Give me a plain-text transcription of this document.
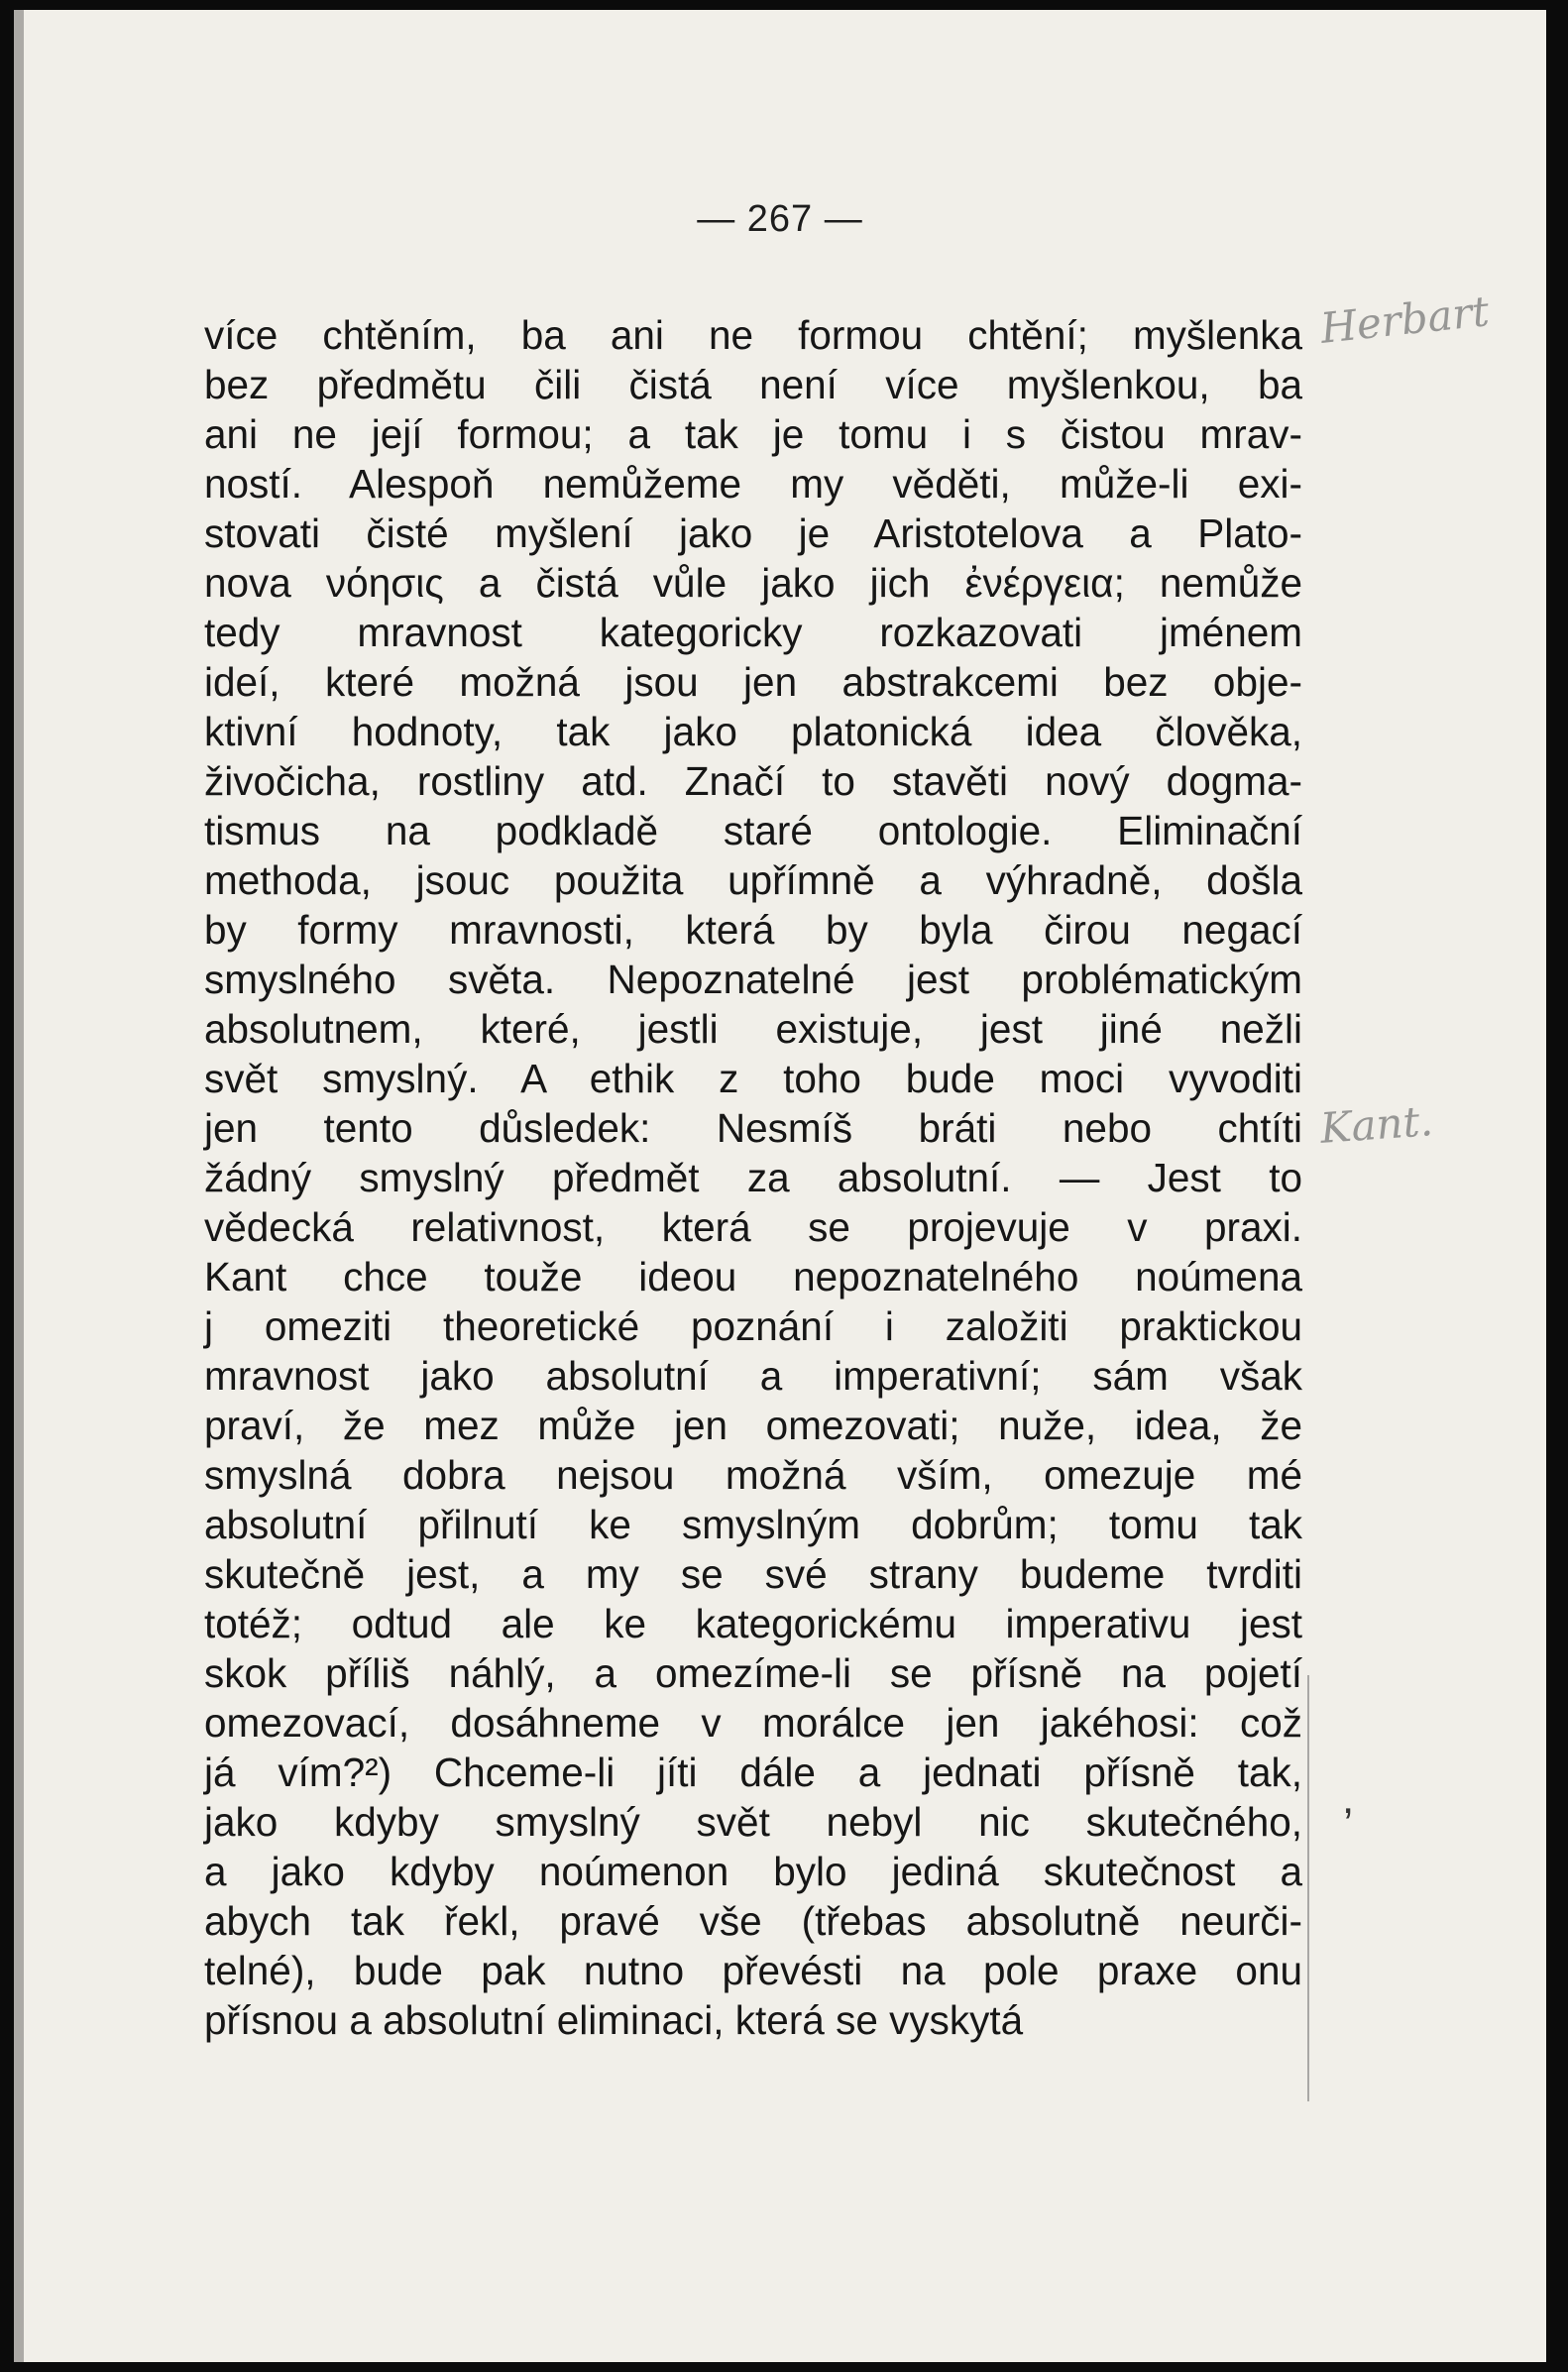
— 267 —
více chtěním, ba ani ne formou chtění; myšlenka
bez předmětu čili čistá není více myšlenkou, ba
ani ne její formou; a tak je tomu i s čistou mrav-
ností. Alespoň nemůžeme my věděti, může-li exi-
stovati čisté myšlení jako je Aristotelova a Plato-
nova νόησις a čistá vůle jako jich ἐνέργεια; nemůže
tedy mravnost kategoricky rozkazovati jménem
ideí, které možná jsou jen abstrakcemi bez obje-
ktivní hodnoty, tak jako platonická idea člověka,
živočicha, rostliny atd. Značí to stavěti nový dogma-
tismus na podkladě staré ontologie. Eliminační
methoda, jsouc použita upřímně a výhradně, došla
by formy mravnosti, která by byla čirou negací
smyslného světa. Nepoznatelné jest problématickým
absolutnem, které, jestli existuje, jest jiné nežli
svět smyslný. A ethik z toho bude moci vyvoditi
jen tento důsledek: Nesmíš bráti nebo chtíti
žádný smyslný předmět za absolutní. — Jest to
vědecká relativnost, která se projevuje v praxi.
Kant chce touže ideou nepoznatelného noúmena
j omeziti theoretické poznání i založiti praktickou
mravnost jako absolutní a imperativní; sám však
praví, že mez může jen omezovati; nuže, idea, že
smyslná dobra nejsou možná vším, omezuje mé
absolutní přilnutí ke smyslným dobrům; tomu tak
skutečně jest, a my se své strany budeme tvrditi
totéž; odtud ale ke kategorickému imperativu jest
skok příliš náhlý, a omezíme-li se přísně na pojetí
omezovací, dosáhneme v morálce jen jakéhosi: což
já vím?²) Chceme-li jíti dále a jednati přísně tak,
jako kdyby smyslný svět nebyl nic skutečného,
a jako kdyby noúmenon bylo jediná skutečnost a
abych tak řekl, pravé vše (třebas absolutně neurči-
telné), bude pak nutno převésti na pole praxe onu
přísnou a absolutní eliminaci, která se vyskytá
Herbart
Kant.
,
